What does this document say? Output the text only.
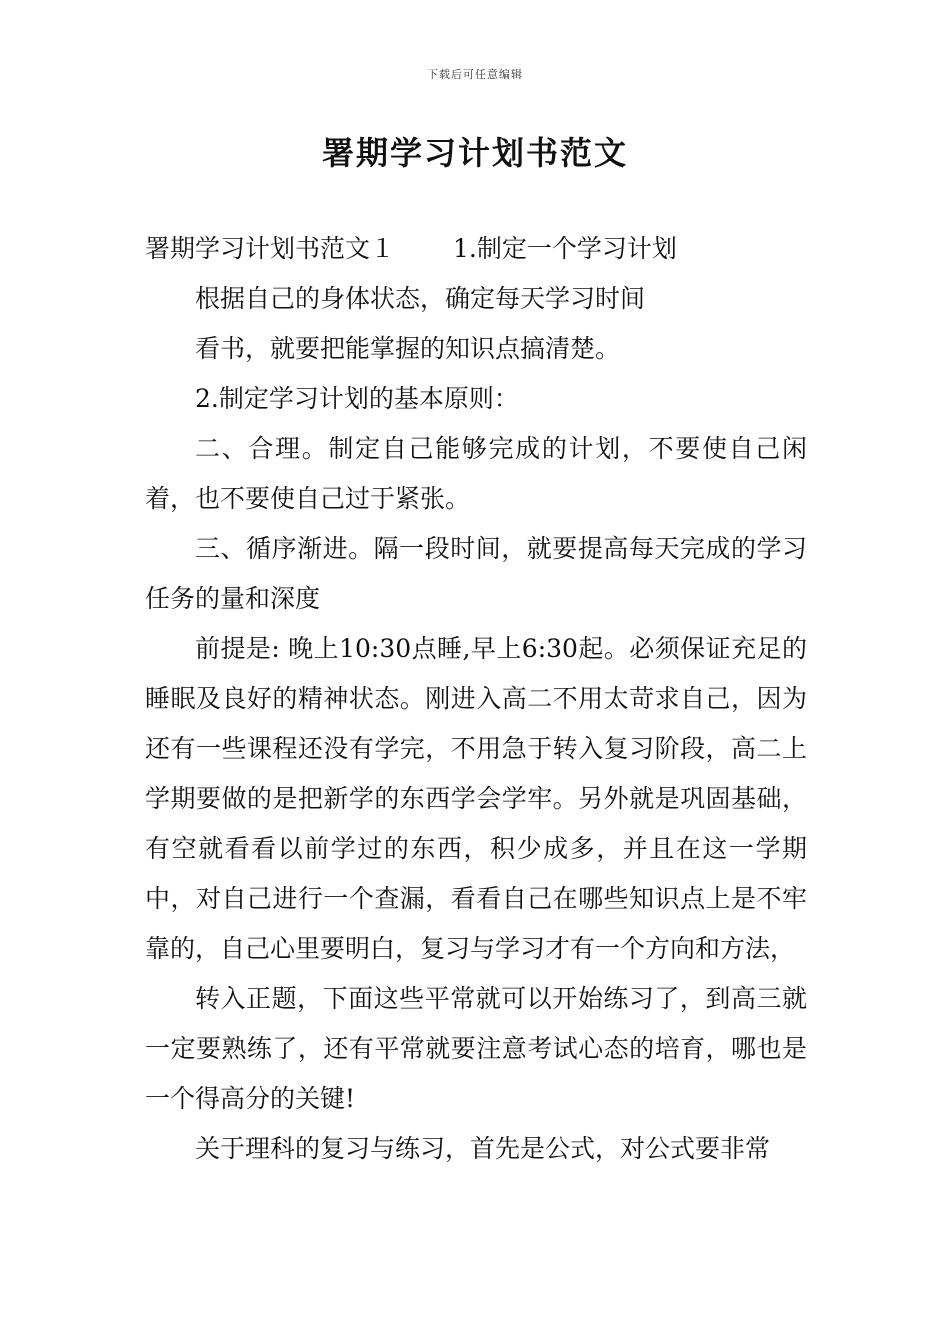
下载后可任意编辑
署期学习计划书范文

署期学习计划书范文１ 1.制定一个学习计划

根据自己的身体状态，确定每天学习时间

看书，就要把能掌握的知识点搞清楚。

2.制定学习计划的基本原则：

二、合理。制定自己能够完成的计划，不要使自己闲着，也不要使自己过于紧张。

三、循序渐进。隔一段时间，就要提高每天完成的学习任务的量和深度

前提是: 晚上10:30点睡,早上6:30起。必须保证充足的睡眠及良好的精神状态。刚进入高二不用太苛求自己，因为还有一些课程还没有学完，不用急于转入复习阶段，高二上学期要做的是把新学的东西学会学牢。另外就是巩固基础，有空就看看以前学过的东西，积少成多，并且在这一学期中，对自己进行一个查漏，看看自己在哪些知识点上是不牢靠的，自己心里要明白，复习与学习才有一个方向和方法，

转入正题，下面这些平常就可以开始练习了，到高三就一定要熟练了，还有平常就要注意考试心态的培育，哪也是一个得高分的关键!

关于理科的复习与练习，首先是公式，对公式要非常
